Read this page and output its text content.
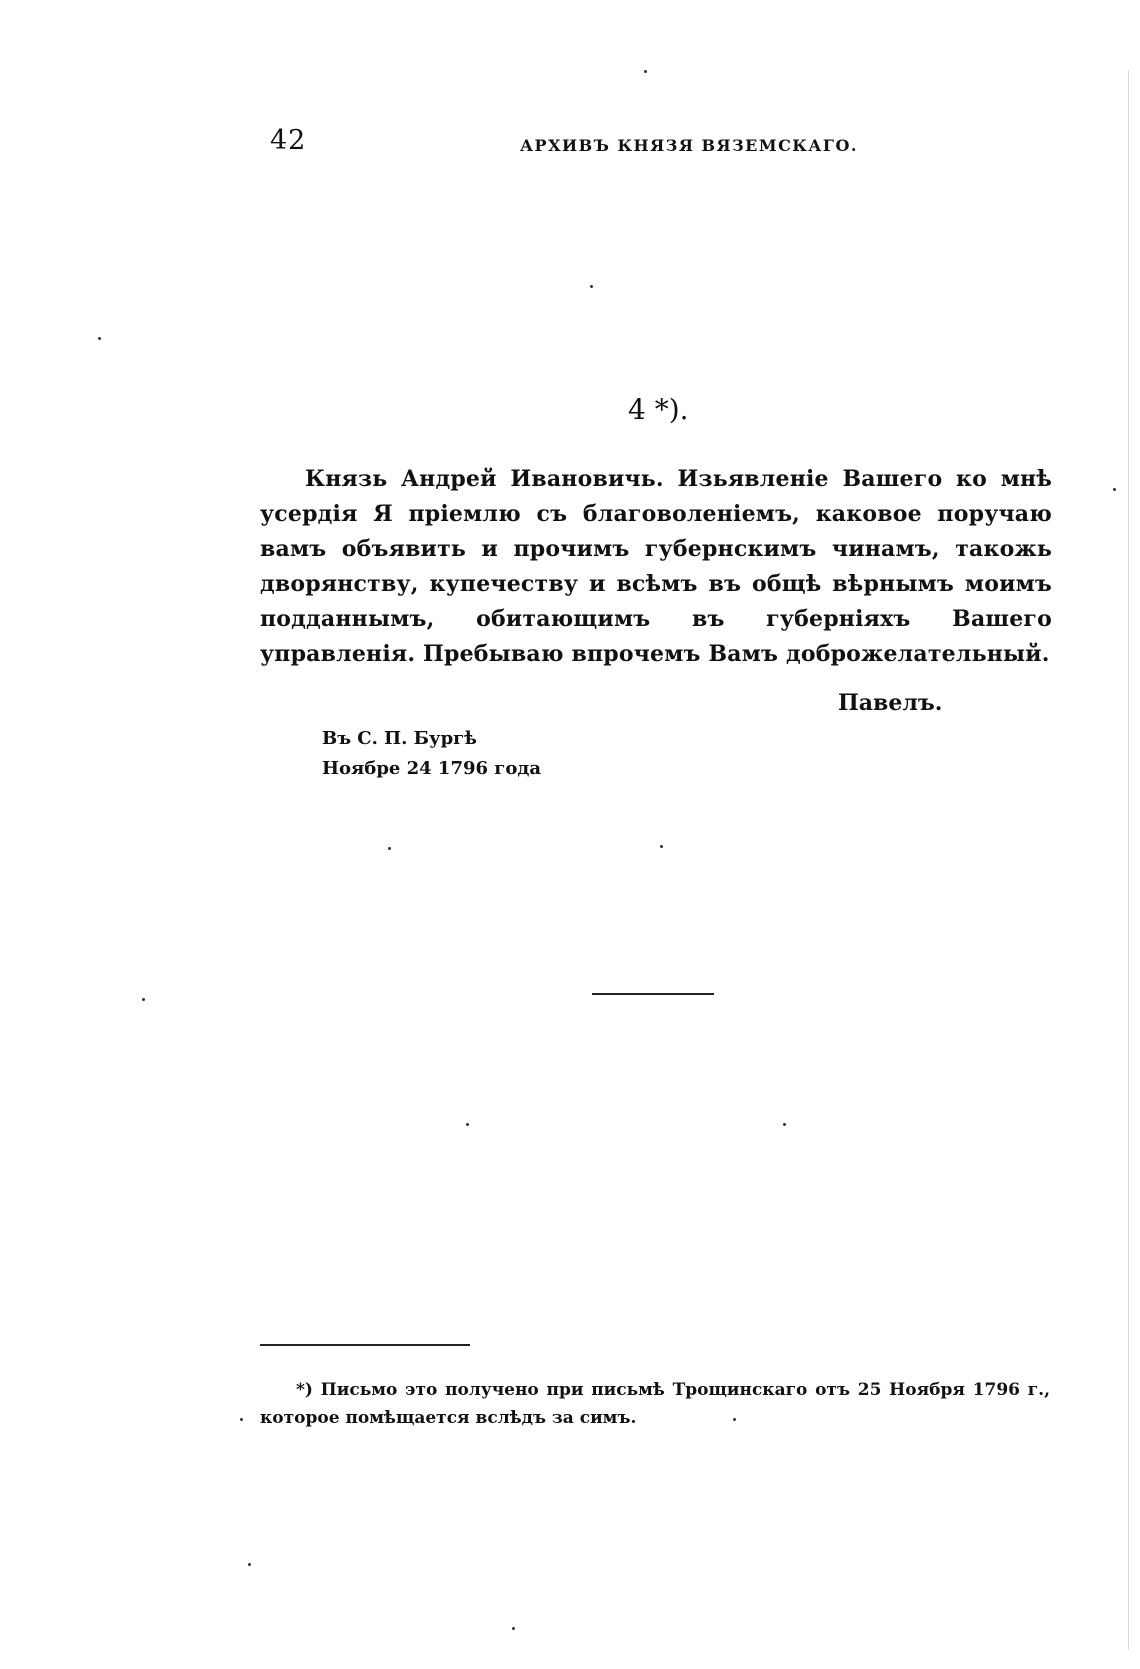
42	АРХИВЪ КНЯЗЯ ВЯЗЕМСКАГО.
4 *).

Князь Андрей Ивановичь. Изьявленіе Вашего ко мнѣ усердія Я пріемлю съ благоволеніемъ, каковое поручаю вамъ объявить и прочимъ губернскимъ чинамъ, такожь дворянству, купечеству и всѣмъ въ общѣ вѣрнымъ моимъ подданнымъ, обитающимъ въ губерніяхъ Вашего управленія. Пребываю впрочемъ Вамъ доброжелательный.

Павелъ.
Въ С. П. Бургѣ
Ноябре 24 1796 года

*) Письмо это получено при письмѣ Трощинскаго отъ 25 Ноября 1796 г., которое помѣщается вслѣдъ за симъ.
